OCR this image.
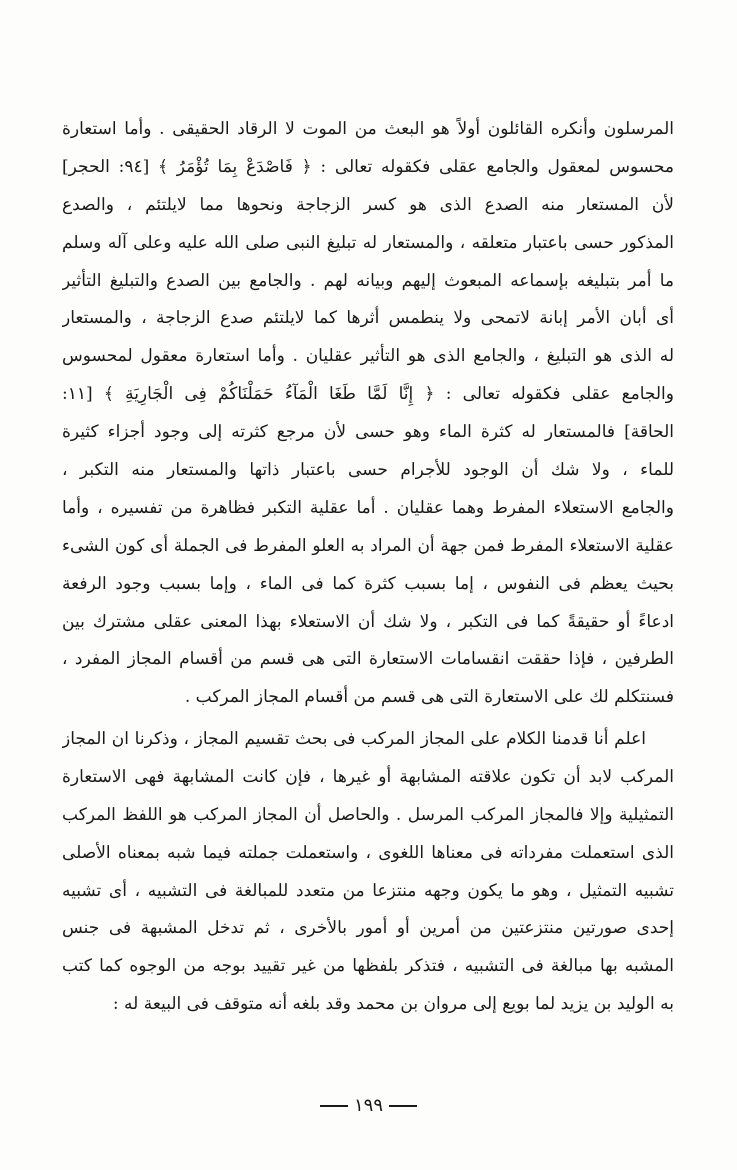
المرسلون وأنكره القائلون أولاً هو البعث من الموت لا الرقاد الحقيقى . وأما استعارة
محسوس لمعقول والجامع عقلى فكقوله تعالى : ﴿ فَاصْدَعْ بِمَا تُؤْمَرُ ﴾ [٩٤: الحجر]
لأن المستعار منه الصدع الذى هو كسر الزجاجة ونحوها مما لايلتئم ، والصدع
المذكور حسى باعتبار متعلقه ، والمستعار له تبليغ النبى صلى الله عليه وعلى آله وسلم
ما أمر بتبليغه بإسماعه المبعوث إليهم وبيانه لهم . والجامع بين الصدع والتبليغ التأثير
أى أبان الأمر إبانة لاتمحى ولا ينطمس أثرها كما لايلتئم صدع الزجاجة ، والمستعار
له الذى هو التبليغ ، والجامع الذى هو التأثير عقليان . وأما استعارة معقول لمحسوس
والجامع عقلى فكقوله تعالى : ﴿ إِنَّا لَمَّا طَغَا الْمَآءُ حَمَلْنَاكُمْ فِى الْجَارِيَةِ ﴾ [١١:
الحاقة] فالمستعار له كثرة الماء وهو حسى لأن مرجع كثرته إلى وجود أجزاء كثيرة
للماء ، ولا شك أن الوجود للأجرام حسى باعتبار ذاتها والمستعار منه التكبر ،
والجامع الاستعلاء المفرط وهما عقليان . أما عقلية التكبر فظاهرة من تفسيره ، وأما
عقلية الاستعلاء المفرط فمن جهة أن المراد به العلو المفرط فى الجملة أى كون الشىء
بحيث يعظم فى النفوس ، إما بسبب كثرة كما فى الماء ، وإما بسبب وجود الرفعة
ادعاءً أو حقيقةً كما فى التكبر ، ولا شك أن الاستعلاء بهذا المعنى عقلى مشترك بين
الطرفين ، فإذا حققت انقسامات الاستعارة التى هى قسم من أقسام المجاز المفرد ،
فسنتكلم لك على الاستعارة التى هى قسم من أقسام المجاز المركب .
اعلم أنا قدمنا الكلام على المجاز المركب فى بحث تقسيم المجاز ، وذكرنا ان المجاز
المركب لابد أن تكون علاقته المشابهة أو غيرها ، فإن كانت المشابهة فهى الاستعارة
التمثيلية وإلا فالمجاز المركب المرسل . والحاصل أن المجاز المركب هو اللفظ المركب
الذى استعملت مفرداته فى معناها اللغوى ، واستعملت جملته فيما شبه بمعناه الأصلى
تشبيه التمثيل ، وهو ما يكون وجهه منتزعا من متعدد للمبالغة فى التشبيه ، أى تشبيه
إحدى صورتين منتزعتين من أمرين أو أمور بالأخرى ، ثم تدخل المشبهة فى جنس
المشبه بها مبالغة فى التشبيه ، فتذكر بلفظها من غير تقييد بوجه من الوجوه كما كتب
به الوليد بن يزيد لما بويع إلى مروان بن محمد وقد بلغه أنه متوقف فى البيعة له :
١٩٩
